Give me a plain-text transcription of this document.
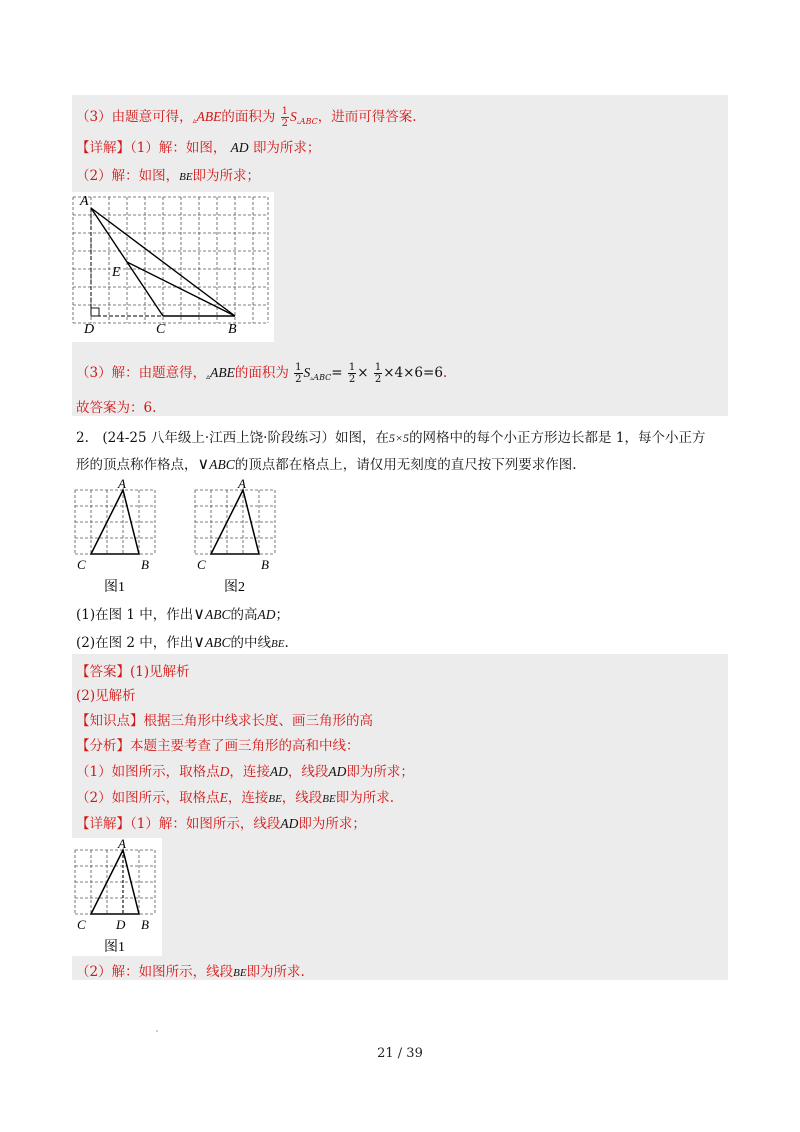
（3）由题意可得，▵ABE的面积为 $\frac{1}{2} S_{▵ABC}$，进而可得答案.
【详解】（1）解：如图， AD 即为所求；
（2）解：如图，BE即为所求；
A
E
D	C	B
（3）解：由题意得，▵ABE的面积为 $\frac{1}{2} S_{▵ABC}= \frac{1}{2} \times \frac{1}{2} \times 4\times 6=6$.
故答案为：6.
2.　(24-25 八年级上·江西上饶·阶段练习）如图，在5×5的网格中的每个小正方形边长都是 1，每个小正方
形的顶点称作格点，∨ABC的顶点都在格点上，请仅用无刻度的直尺按下列要求作图.
A
C	B
图1
A
C	B
图2
(1)在图 1 中，作出∨ABC的高AD；
(2)在图 2 中，作出∨ABC的中线BE.
【答案】(1)见解析
(2)见解析
【知识点】根据三角形中线求长度、画三角形的高
【分析】本题主要考查了画三角形的高和中线：
（1）如图所示，取格点D，连接AD，线段AD即为所求；
（2）如图所示，取格点E，连接BE，线段BE即为所求.
【详解】（1）解：如图所示，线段AD即为所求；
A
C D B
图1
（2）解：如图所示，线段BE即为所求.
21 / 39
